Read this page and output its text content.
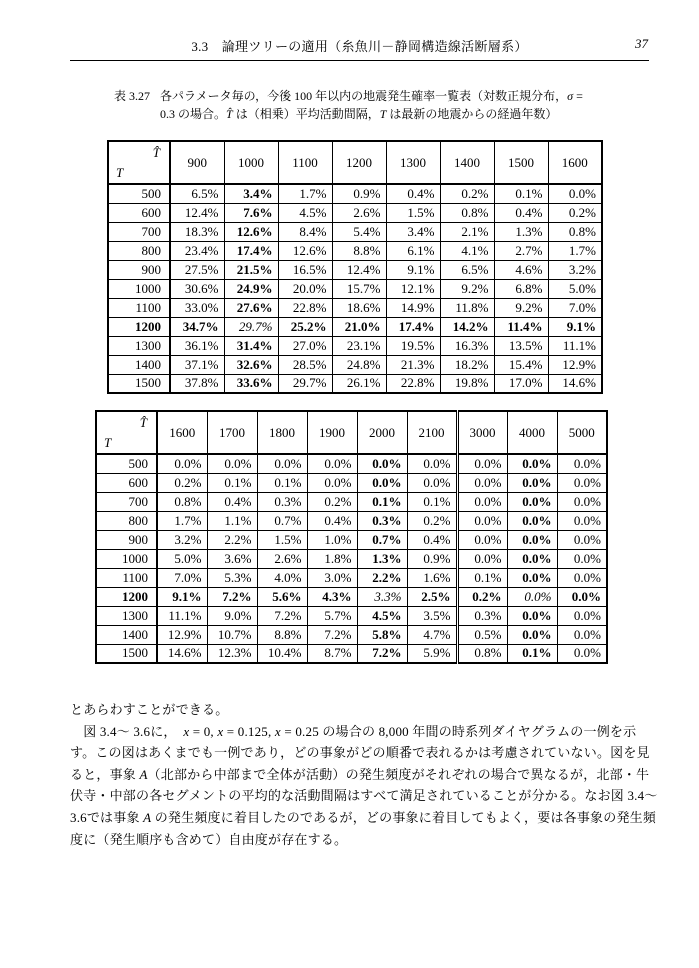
3.3　論理ツリーの適用（糸魚川－静岡構造線活断層系）	37
表 3.27 各パラメータ毎の，今後 100 年以内の地震発生確率一覧表（対数正規分布，σ =
0.3 の場合。T̂ は（相乗）平均活動間隔，T は最新の地震からの経過年数）
T̂
T	900	1000	1100	1200	1300	1400	1500	1600
500	6.5%	3.4%	1.7%	0.9%	0.4%	0.2%	0.1%	0.0%
600	12.4%	7.6%	4.5%	2.6%	1.5%	0.8%	0.4%	0.2%
700	18.3%	12.6%	8.4%	5.4%	3.4%	2.1%	1.3%	0.8%
800	23.4%	17.4%	12.6%	8.8%	6.1%	4.1%	2.7%	1.7%
900	27.5%	21.5%	16.5%	12.4%	9.1%	6.5%	4.6%	3.2%
1000	30.6%	24.9%	20.0%	15.7%	12.1%	9.2%	6.8%	5.0%
1100	33.0%	27.6%	22.8%	18.6%	14.9%	11.8%	9.2%	7.0%
1200	34.7%	29.7%	25.2%	21.0%	17.4%	14.2%	11.4%	9.1%
1300	36.1%	31.4%	27.0%	23.1%	19.5%	16.3%	13.5%	11.1%
1400	37.1%	32.6%	28.5%	24.8%	21.3%	18.2%	15.4%	12.9%
1500	37.8%	33.6%	29.7%	26.1%	22.8%	19.8%	17.0%	14.6%
T̂
T	1600	1700	1800	1900	2000	2100	3000	4000	5000
500	0.0%	0.0%	0.0%	0.0%	0.0%	0.0%	0.0%	0.0%	0.0%
600	0.2%	0.1%	0.1%	0.0%	0.0%	0.0%	0.0%	0.0%	0.0%
700	0.8%	0.4%	0.3%	0.2%	0.1%	0.1%	0.0%	0.0%	0.0%
800	1.7%	1.1%	0.7%	0.4%	0.3%	0.2%	0.0%	0.0%	0.0%
900	3.2%	2.2%	1.5%	1.0%	0.7%	0.4%	0.0%	0.0%	0.0%
1000	5.0%	3.6%	2.6%	1.8%	1.3%	0.9%	0.0%	0.0%	0.0%
1100	7.0%	5.3%	4.0%	3.0%	2.2%	1.6%	0.1%	0.0%	0.0%
1200	9.1%	7.2%	5.6%	4.3%	3.3%	2.5%	0.2%	0.0%	0.0%
1300	11.1%	9.0%	7.2%	5.7%	4.5%	3.5%	0.3%	0.0%	0.0%
1400	12.9%	10.7%	8.8%	7.2%	5.8%	4.7%	0.5%	0.0%	0.0%
1500	14.6%	12.3%	10.4%	8.7%	7.2%	5.9%	0.8%	0.1%	0.0%
とあらわすことができる。
　図 3.4～ 3.6に，　x = 0, x = 0.125, x = 0.25 の場合の 8,000 年間の時系列ダイヤグラムの一例を示
す。この図はあくまでも一例であり，どの事象がどの順番で表れるかは考慮されていない。図を見
ると，事象 A（北部から中部まで全体が活動）の発生頻度がそれぞれの場合で異なるが，北部・牛
伏寺・中部の各セグメントの平均的な活動間隔はすべて満足されていることが分かる。なお図 3.4～
3.6では事象 A の発生頻度に着目したのであるが，どの事象に着目してもよく，要は各事象の発生頻
度に（発生順序も含めて）自由度が存在する。
